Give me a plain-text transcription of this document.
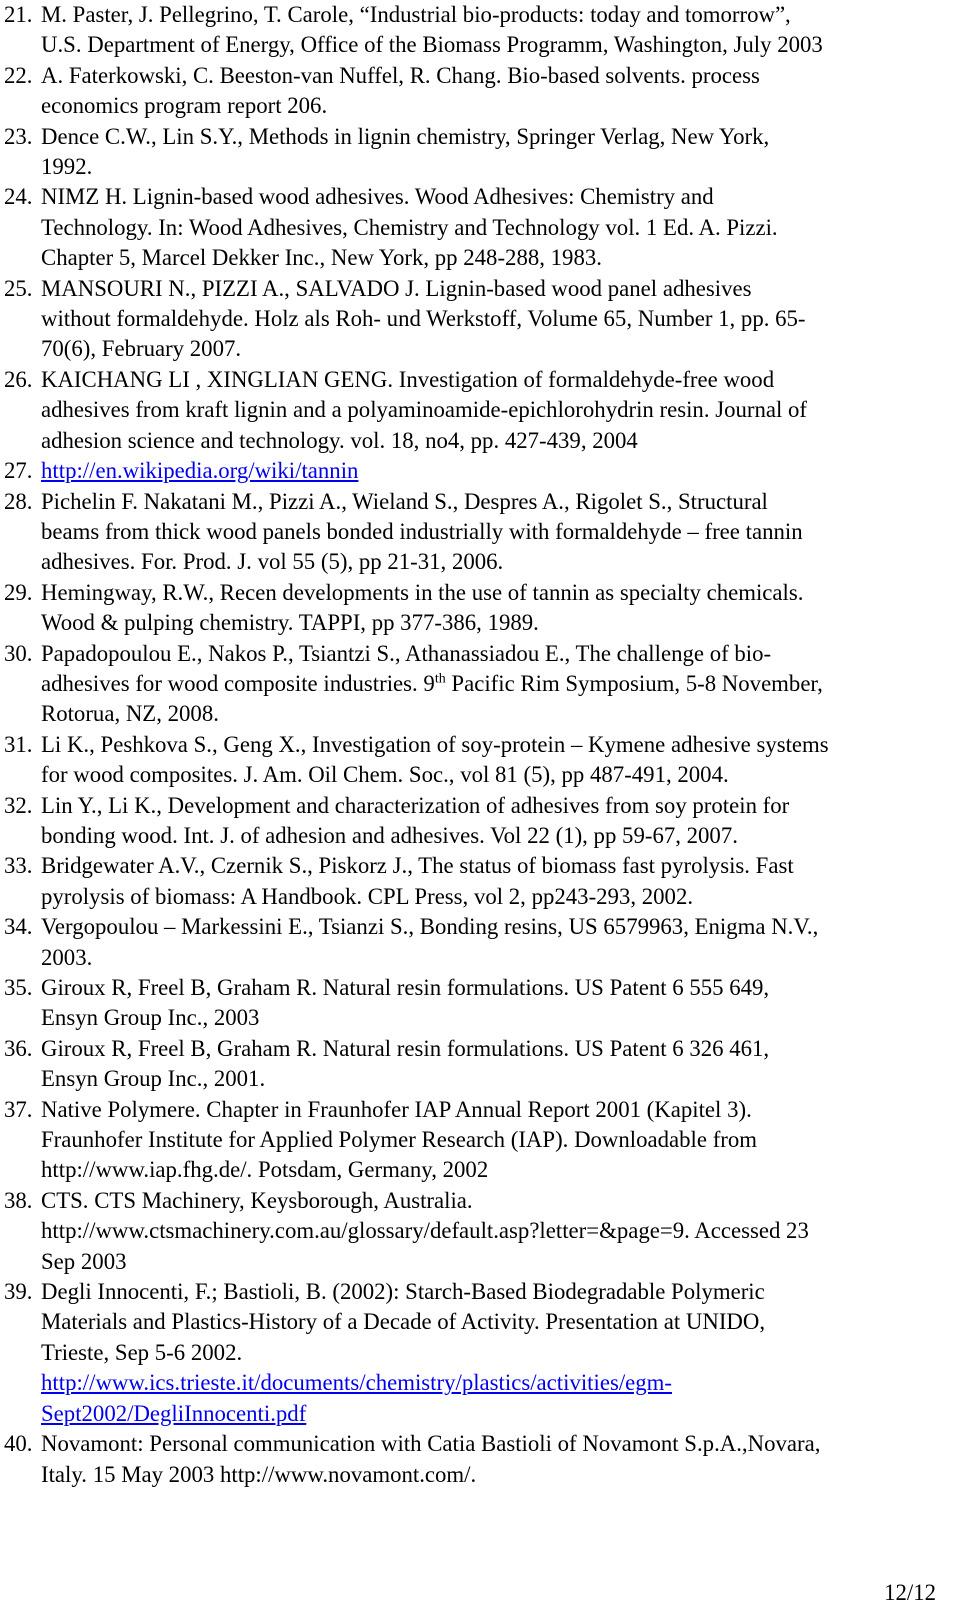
21. M. Paster, J. Pellegrino, T. Carole, “Industrial bio-products: today and tomorrow”,
U.S. Department of Energy, Office of the Biomass Programm, Washington, July 2003
22. A. Faterkowski, C. Beeston-van Nuffel, R. Chang. Bio-based solvents. process
economics program report 206.
23. Dence C.W., Lin S.Y., Methods in lignin chemistry, Springer Verlag, New York,
1992.
24. NIMZ H. Lignin-based wood adhesives. Wood Adhesives: Chemistry and
Technology. In: Wood Adhesives, Chemistry and Technology vol. 1 Ed. A. Pizzi.
Chapter 5, Marcel Dekker Inc., New York, pp 248-288, 1983.
25. MANSOURI N., PIZZI A., SALVADO J. Lignin-based wood panel adhesives
without formaldehyde. Holz als Roh- und Werkstoff, Volume 65, Number 1, pp. 65-
70(6), February 2007.
26. KAICHANG LI , XINGLIAN GENG. Investigation of formaldehyde-free wood
adhesives from kraft lignin and a polyaminoamide-epichlorohydrin resin. Journal of
adhesion science and technology. vol. 18, no4, pp. 427-439, 2004
27. http://en.wikipedia.org/wiki/tannin
28. Pichelin F. Nakatani M., Pizzi A., Wieland S., Despres A., Rigolet S., Structural
beams from thick wood panels bonded industrially with formaldehyde – free tannin
adhesives. For. Prod. J. vol 55 (5), pp 21-31, 2006.
29. Hemingway, R.W., Recen developments in the use of tannin as specialty chemicals.
Wood & pulping chemistry. TAPPI, pp 377-386, 1989.
30. Papadopoulou E., Nakos P., Tsiantzi S., Athanassiadou E., The challenge of bio-
adhesives for wood composite industries. 9th Pacific Rim Symposium, 5-8 November,
Rotorua, NZ, 2008.
31. Li K., Peshkova S., Geng X., Investigation of soy-protein – Kymene adhesive systems
for wood composites. J. Am. Oil Chem. Soc., vol 81 (5), pp 487-491, 2004.
32. Lin Y., Li K., Development and characterization of adhesives from soy protein for
bonding wood. Int. J. of adhesion and adhesives. Vol 22 (1), pp 59-67, 2007.
33. Bridgewater A.V., Czernik S., Piskorz J., The status of biomass fast pyrolysis. Fast
pyrolysis of biomass: A Handbook. CPL Press, vol 2, pp243-293, 2002.
34. Vergopoulou – Markessini E., Tsianzi S., Bonding resins, US 6579963, Enigma N.V.,
2003.
35. Giroux R, Freel B, Graham R. Natural resin formulations. US Patent 6 555 649,
Ensyn Group Inc., 2003
36. Giroux R, Freel B, Graham R. Natural resin formulations. US Patent 6 326 461,
Ensyn Group Inc., 2001.
37. Native Polymere. Chapter in Fraunhofer IAP Annual Report 2001 (Kapitel 3).
Fraunhofer Institute for Applied Polymer Research (IAP). Downloadable from
http://www.iap.fhg.de/. Potsdam, Germany, 2002
38. CTS. CTS Machinery, Keysborough, Australia.
http://www.ctsmachinery.com.au/glossary/default.asp?letter=&page=9. Accessed 23
Sep 2003
39. Degli Innocenti, F.; Bastioli, B. (2002): Starch-Based Biodegradable Polymeric
Materials and Plastics-History of a Decade of Activity. Presentation at UNIDO,
Trieste, Sep 5-6 2002.
http://www.ics.trieste.it/documents/chemistry/plastics/activities/egm-
Sept2002/DegliInnocenti.pdf
40. Novamont: Personal communication with Catia Bastioli of Novamont S.p.A.,Novara,
Italy. 15 May 2003 http://www.novamont.com/.
12/12
